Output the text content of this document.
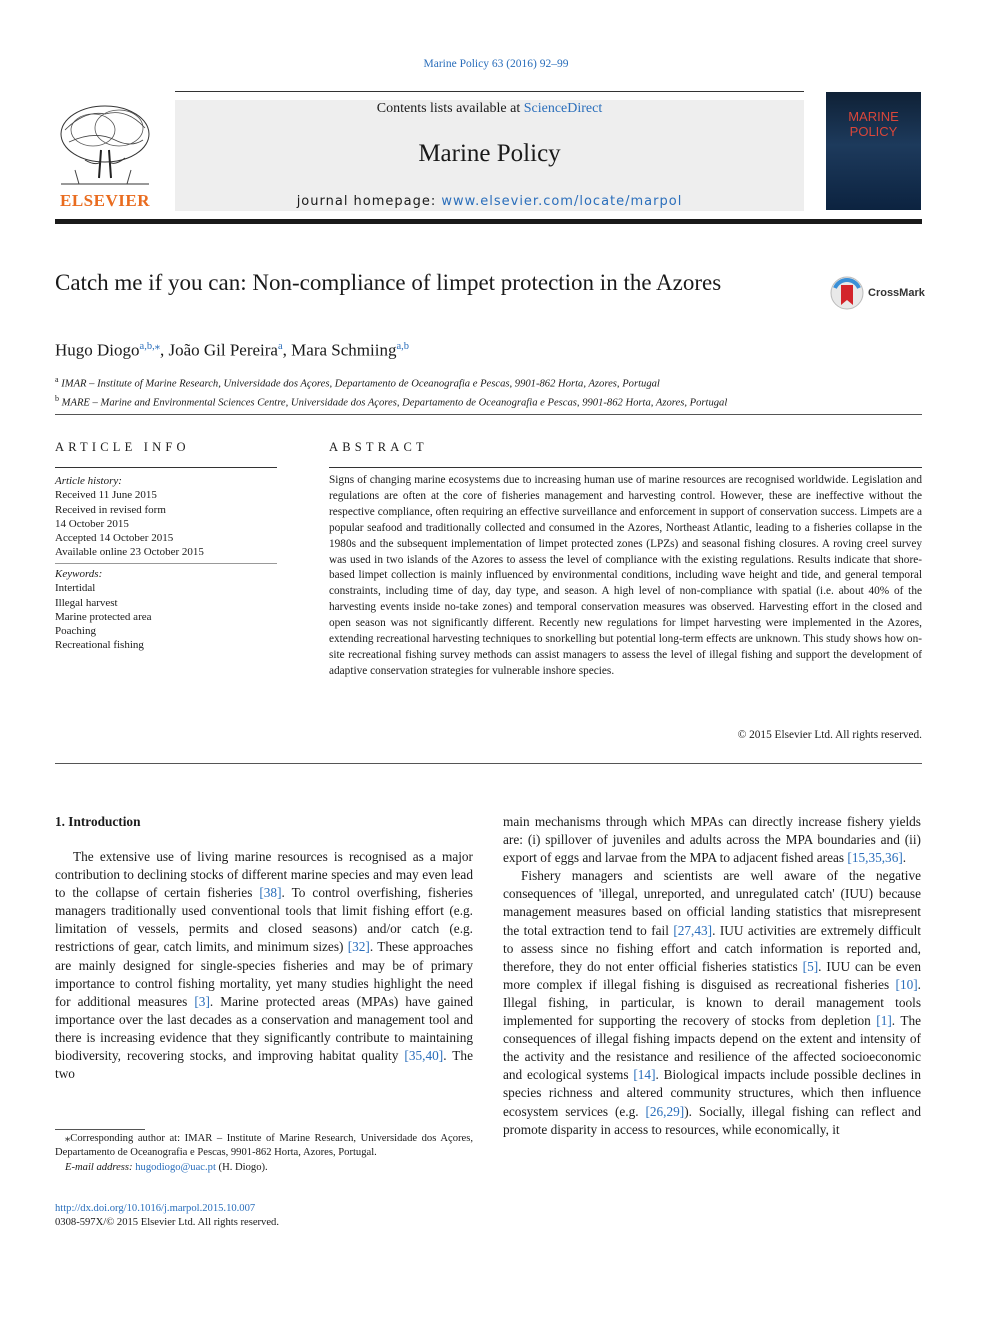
Marine Policy 63 (2016) 92–99
Contents lists available at ScienceDirect
Marine Policy
journal homepage: www.elsevier.com/locate/marpol
ELSEVIER
MARINE
POLICY
Catch me if you can: Non-compliance of limpet protection in the Azores	CrossMark
Hugo Diogo$^{a,b,⁎}$, João Gil Pereira$^a$, Mara Schmiing$^{a,b}$
$^a$ IMAR – Institute of Marine Research, Universidade dos Açores, Departamento de Oceanografia e Pescas, 9901-862 Horta, Azores, Portugal
$^b$ MARE – Marine and Environmental Sciences Centre, Universidade dos Açores, Departamento de Oceanografia e Pescas, 9901-862 Horta, Azores, Portugal
ARTICLE INFO
Article history:
Received 11 June 2015
Received in revised form
14 October 2015
Accepted 14 October 2015
Available online 23 October 2015
Keywords:
Intertidal
Illegal harvest
Marine protected area
Poaching
Recreational fishing
ABSTRACT
Signs of changing marine ecosystems due to increasing human use of marine resources are recognised worldwide. Legislation and regulations are often at the core of fisheries management and harvesting control. However, these are ineffective without the respective compliance, often requiring an effective surveillance and enforcement in support of conservation success. Limpets are a popular seafood and traditionally collected and consumed in the Azores, Northeast Atlantic, leading to a fisheries collapse in the 1980s and the subsequent implementation of limpet protected zones (LPZs) and seasonal fishing closures. A roving creel survey was used in two islands of the Azores to assess the level of compliance with the existing regulations. Results indicate that shore-based limpet collection is mainly influenced by environmental conditions, including wave height and tide, and general temporal constraints, including time of day, day type, and season. A high level of non-compliance with spatial (i.e. about 40% of the harvesting events inside no-take zones) and temporal conservation measures was observed. Harvesting effort in the closed and open season was not significantly different. Recently new regulations for limpet harvesting were implemented in the Azores, extending recreational harvesting techniques to snorkelling but potential long-term effects are unknown. This study shows how on-site recreational fishing survey methods can assist managers to assess the level of illegal fishing and support the development of adaptive conservation strategies for vulnerable inshore species.
© 2015 Elsevier Ltd. All rights reserved.
1. Introduction

The extensive use of living marine resources is recognised as a major contribution to declining stocks of different marine species and may even lead to the collapse of certain fisheries [38]. To control overfishing, fisheries managers traditionally used conventional tools that limit fishing effort (e.g. limitation of vessels, permits and closed seasons) and/or catch (e.g. restrictions of gear, catch limits, and minimum sizes) [32]. These approaches are mainly designed for single-species fisheries and may be of primary importance to control fishing mortality, yet many studies highlight the need for additional measures [3]. Marine protected areas (MPAs) have gained importance over the last decades as a conservation and management tool and there is increasing evidence that they significantly contribute to maintaining biodiversity, recovering stocks, and improving habitat quality [35,40]. The two

main mechanisms through which MPAs can directly increase fishery yields are: (i) spillover of juveniles and adults across the MPA boundaries and (ii) export of eggs and larvae from the MPA to adjacent fished areas [15,35,36].

Fishery managers and scientists are well aware of the negative consequences of 'illegal, unreported, and unregulated catch' (IUU) because management measures based on official landing statistics that misrepresent the total extraction tend to fail [27,43]. IUU activities are extremely difficult to assess since no fishing effort and catch information is reported and, therefore, they do not enter official fisheries statistics [5]. IUU can be even more complex if illegal fishing is disguised as recreational fisheries [10]. Illegal fishing, in particular, is known to derail management tools implemented for supporting the recovery of stocks from depletion [1]. The consequences of illegal fishing impacts depend on the extent and intensity of the activity and the resistance and resilience of the affected socioeconomic and ecological systems [14]. Biological impacts include possible declines in species richness and altered community structures, which then influence ecosystem services (e.g. [26,29]). Socially, illegal fishing can reflect and promote disparity in access to resources, while economically, it

⁎Corresponding author at: IMAR – Institute of Marine Research, Universidade dos Açores, Departamento de Oceanografia e Pescas, 9901-862 Horta, Azores, Portugal.
E-mail address: hugodiogo@uac.pt (H. Diogo).
http://dx.doi.org/10.1016/j.marpol.2015.10.007
0308-597X/© 2015 Elsevier Ltd. All rights reserved.
